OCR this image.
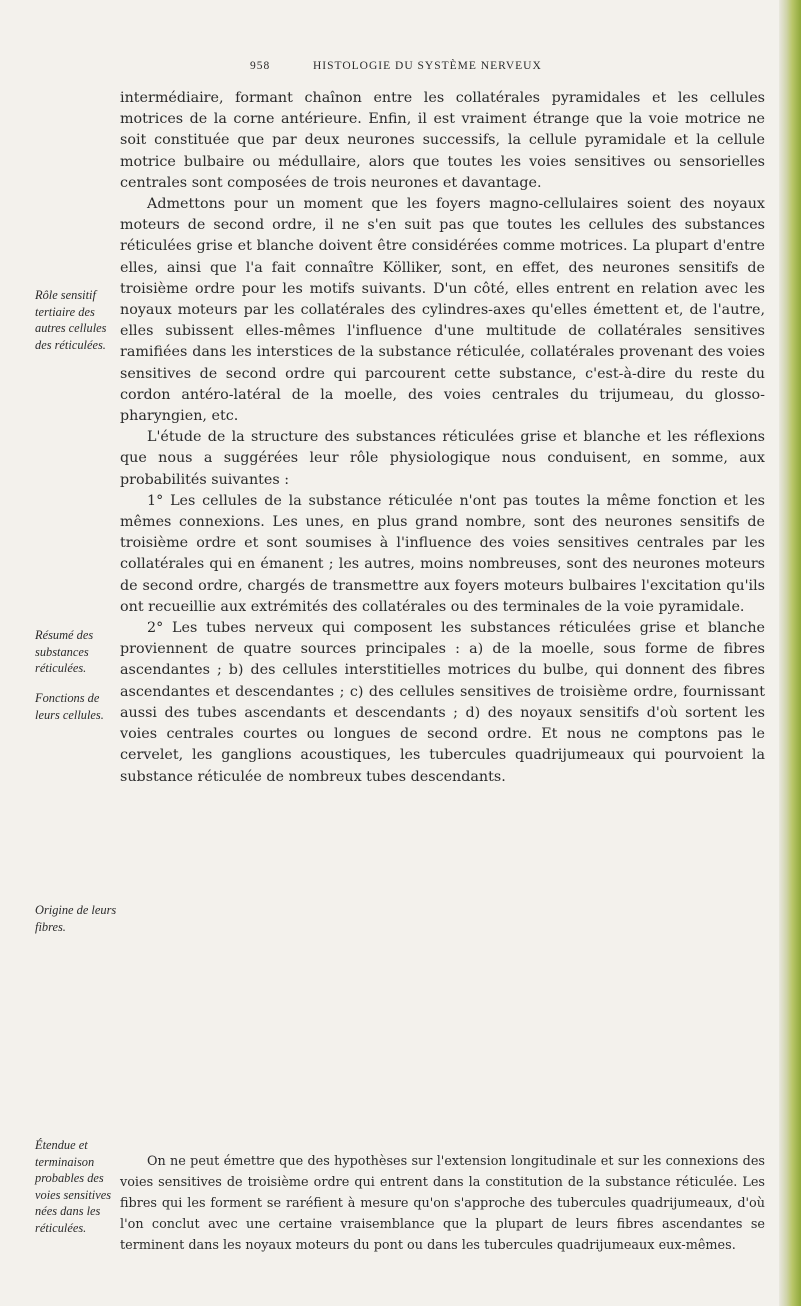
958	HISTOLOGIE DU SYSTÈME NERVEUX
Rôle sensitif tertiaire des autres cellules des réticulées.
Résumé des substances réticulées.
Fonctions de leurs cellules.
Origine de leurs fibres.
Étendue et terminaison probables des voies sensitives nées dans les réticulées.

intermédiaire, formant chaînon entre les collatérales pyramidales et les cellules motrices de la corne antérieure. Enfin, il est vraiment étrange que la voie motrice ne soit constituée que par deux neurones successifs, la cellule pyramidale et la cellule motrice bulbaire ou médullaire, alors que toutes les voies sensitives ou sensorielles centrales sont composées de trois neurones et davantage.

Admettons pour un moment que les foyers magno-cellulaires soient des noyaux moteurs de second ordre, il ne s'en suit pas que toutes les cellules des substances réticulées grise et blanche doivent être considérées comme motrices. La plupart d'entre elles, ainsi que l'a fait connaître Kölliker, sont, en effet, des neurones sensitifs de troisième ordre pour les motifs suivants. D'un côté, elles entrent en relation avec les noyaux moteurs par les collatérales des cylindres-axes qu'elles émettent et, de l'autre, elles subissent elles-mêmes l'influence d'une multitude de collatérales sensitives ramifiées dans les interstices de la substance réticulée, collatérales provenant des voies sensitives de second ordre qui parcourent cette substance, c'est-à-dire du reste du cordon antéro-latéral de la moelle, des voies centrales du trijumeau, du glosso-pharyngien, etc.

L'étude de la structure des substances réticulées grise et blanche et les réflexions que nous a suggérées leur rôle physiologique nous conduisent, en somme, aux probabilités suivantes :

1° Les cellules de la substance réticulée n'ont pas toutes la même fonction et les mêmes connexions. Les unes, en plus grand nombre, sont des neurones sensitifs de troisième ordre et sont soumises à l'influence des voies sensitives centrales par les collatérales qui en émanent ; les autres, moins nombreuses, sont des neurones moteurs de second ordre, chargés de transmettre aux foyers moteurs bulbaires l'excitation qu'ils ont recueillie aux extrémités des collatérales ou des terminales de la voie pyramidale.

2° Les tubes nerveux qui composent les substances réticulées grise et blanche proviennent de quatre sources principales : a) de la moelle, sous forme de fibres ascendantes ; b) des cellules interstitielles motrices du bulbe, qui donnent des fibres ascendantes et descendantes ; c) des cellules sensitives de troisième ordre, fournissant aussi des tubes ascendants et descendants ; d) des noyaux sensitifs d'où sortent les voies centrales courtes ou longues de second ordre. Et nous ne comptons pas le cervelet, les ganglions acoustiques, les tubercules quadrijumeaux qui pourvoient la substance réticulée de nombreux tubes descendants.

On ne peut émettre que des hypothèses sur l'extension longitudinale et sur les connexions des voies sensitives de troisième ordre qui entrent dans la constitution de la substance réticulée. Les fibres qui les forment se raréfient à mesure qu'on s'approche des tubercules quadrijumeaux, d'où l'on conclut avec une certaine vraisemblance que la plupart de leurs fibres ascendantes se terminent dans les noyaux moteurs du pont ou dans les tubercules quadrijumeaux eux-mêmes.
